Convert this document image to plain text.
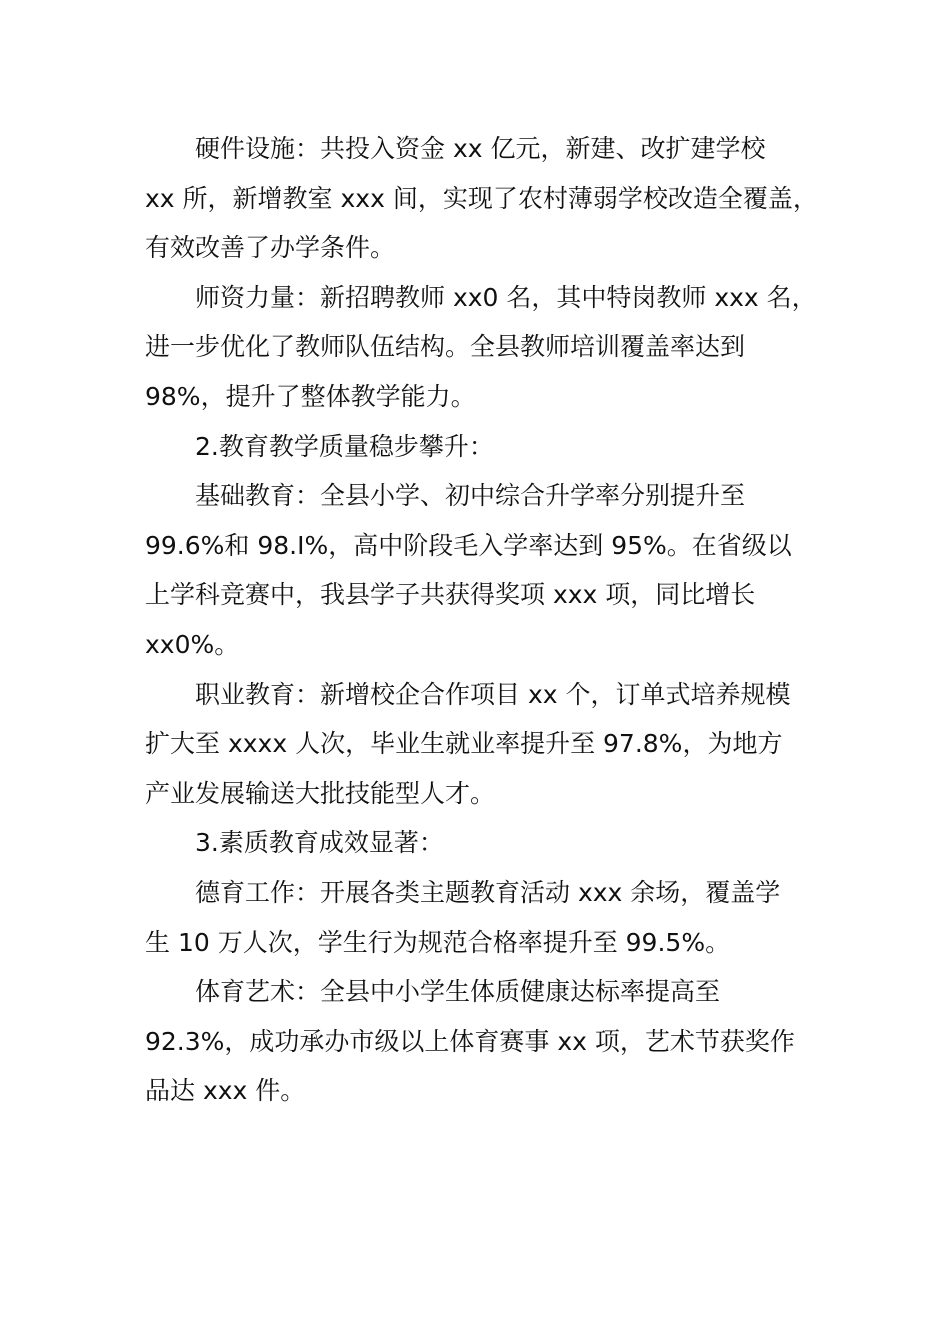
硬件设施：共投入资金 xx 亿元，新建、改扩建学校
xx 所，新增教室 xxx 间，实现了农村薄弱学校改造全覆盖，
有效改善了办学条件。
师资力量：新招聘教师 xx0 名，其中特岗教师 xxx 名，
进一步优化了教师队伍结构。全县教师培训覆盖率达到
98%，提升了整体教学能力。
2.教育教学质量稳步攀升：
基础教育：全县小学、初中综合升学率分别提升至
99.6%和 98.I%，高中阶段毛入学率达到 95%。在省级以
上学科竞赛中，我县学子共获得奖项 xxx 项，同比增长
xx0%。
职业教育：新增校企合作项目 xx 个，订单式培养规模
扩大至 xxxx 人次，毕业生就业率提升至 97.8%，为地方
产业发展输送大批技能型人才。
3.素质教育成效显著：
德育工作：开展各类主题教育活动 xxx 余场，覆盖学
生 10 万人次，学生行为规范合格率提升至 99.5%。
体育艺术：全县中小学生体质健康达标率提高至
92.3%，成功承办市级以上体育赛事 xx 项，艺术节获奖作
品达 xxx 件。
